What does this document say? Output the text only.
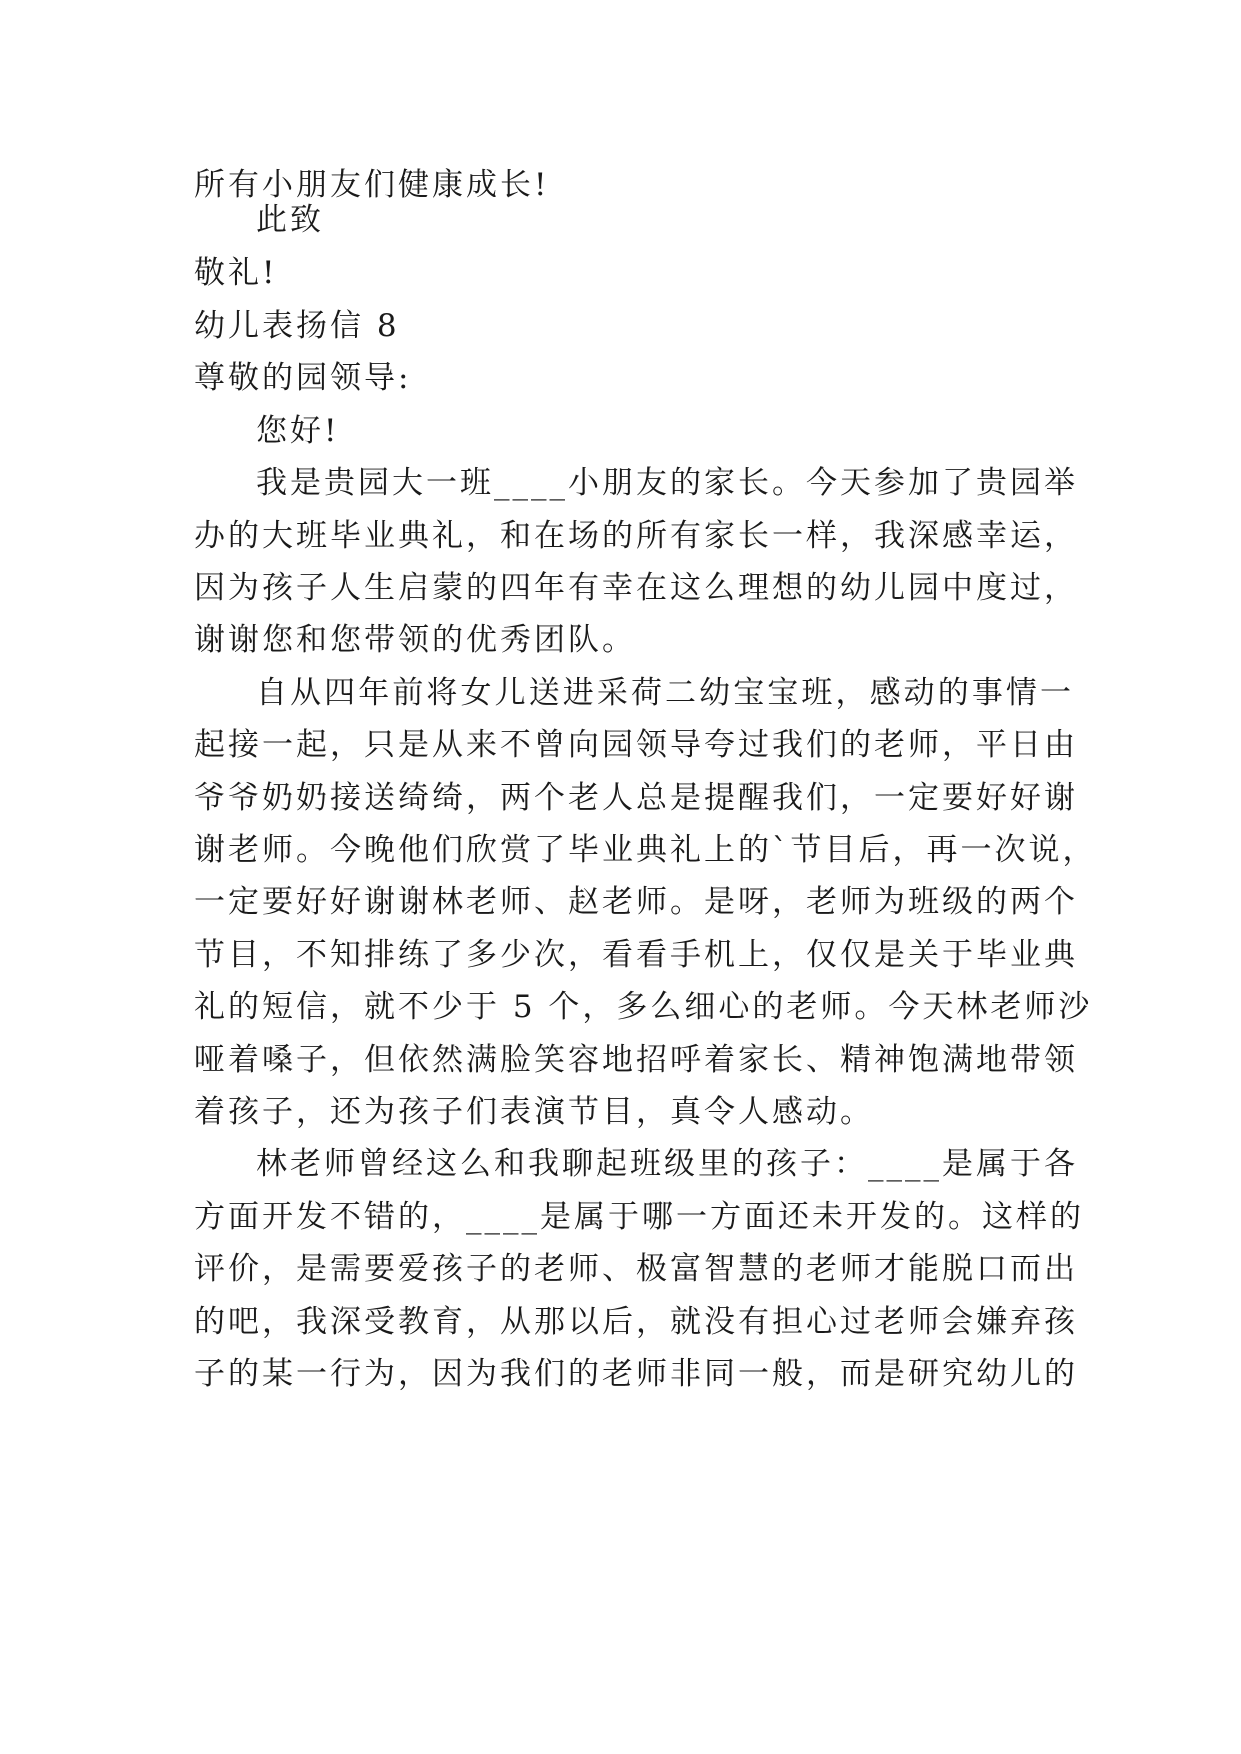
所有小朋友们健康成长!
此致
敬礼!
幼儿表扬信 8
尊敬的园领导:
您好!
我是贵园大一班____小朋友的家长。今天参加了贵园举
办的大班毕业典礼，和在场的所有家长一样，我深感幸运，
因为孩子人生启蒙的四年有幸在这么理想的幼儿园中度过，
谢谢您和您带领的优秀团队。
自从四年前将女儿送进采荷二幼宝宝班，感动的事情一
起接一起，只是从来不曾向园领导夸过我们的老师，平日由
爷爷奶奶接送绮绮，两个老人总是提醒我们，一定要好好谢
谢老师。今晚他们欣赏了毕业典礼上的`节目后，再一次说，
一定要好好谢谢林老师、赵老师。是呀，老师为班级的两个
节目，不知排练了多少次，看看手机上，仅仅是关于毕业典
礼的短信，就不少于 5 个，多么细心的老师。今天林老师沙
哑着嗓子，但依然满脸笑容地招呼着家长、精神饱满地带领
着孩子，还为孩子们表演节目，真令人感动。
林老师曾经这么和我聊起班级里的孩子：____是属于各
方面开发不错的，____是属于哪一方面还未开发的。这样的
评价，是需要爱孩子的老师、极富智慧的老师才能脱口而出
的吧，我深受教育，从那以后，就没有担心过老师会嫌弃孩
子的某一行为，因为我们的老师非同一般，而是研究幼儿的
